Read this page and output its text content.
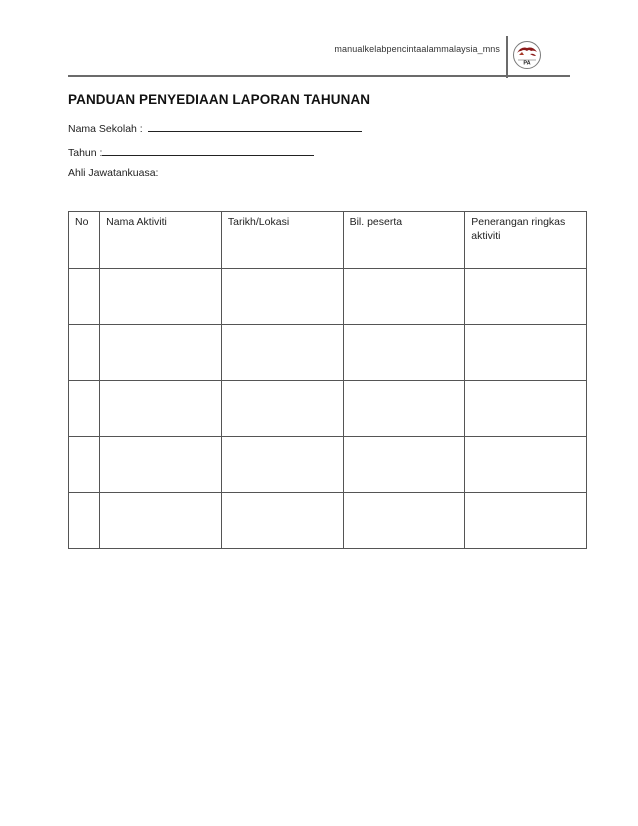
manualkelabpencintaalammalaysia_mns
PA
PANDUAN PENYEDIAAN LAPORAN TAHUNAN
Nama Sekolah :
Tahun :
Ahli Jawatankuasa:
No	Nama Aktiviti	Tarikh/Lokasi	Bil. peserta	Penerangan ringkas aktiviti
